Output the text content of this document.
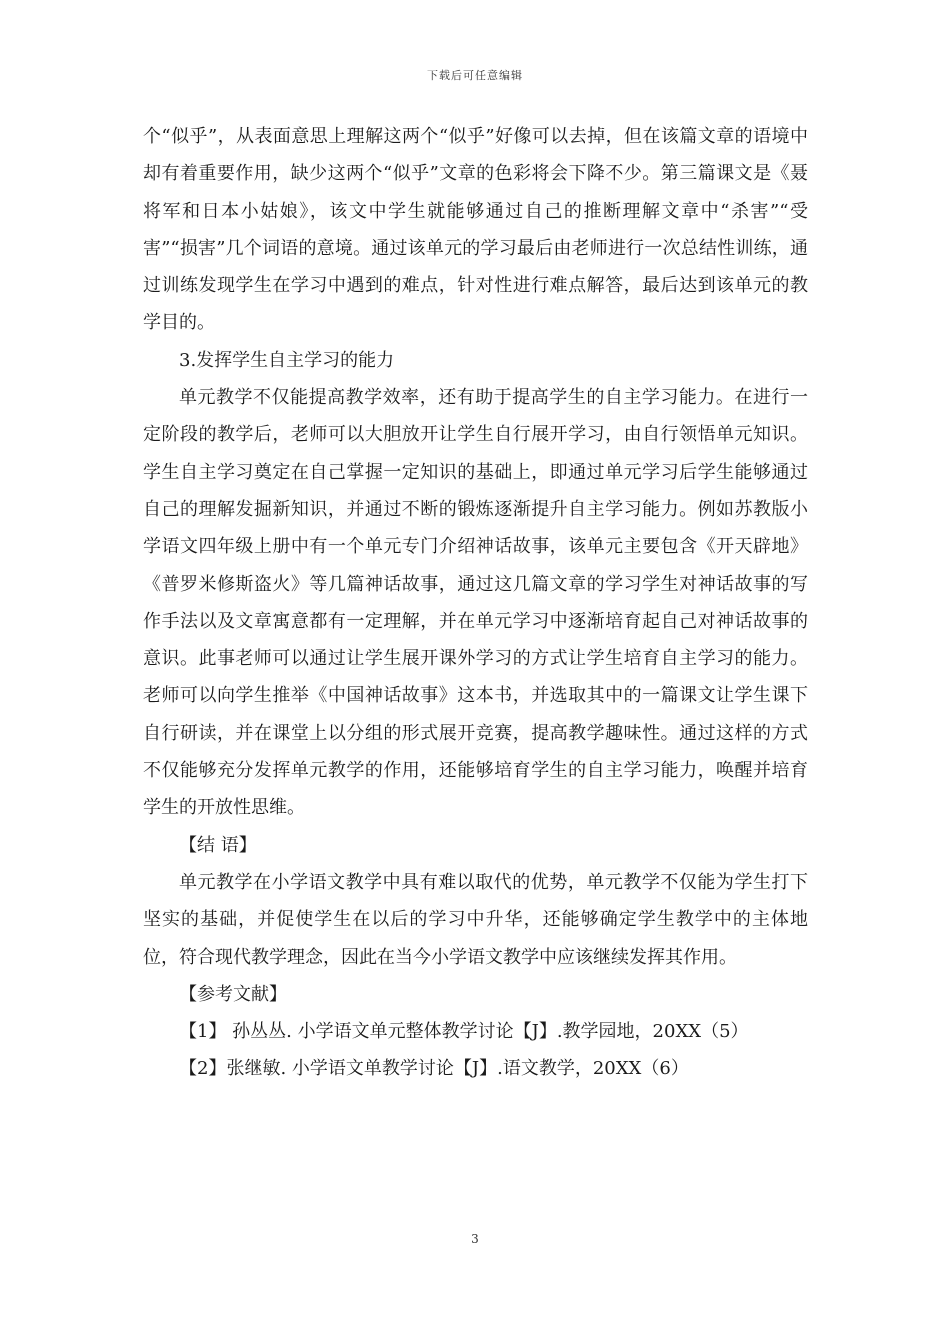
下载后可任意编辑

个“似乎”，从表面意思上理解这两个“似乎”好像可以去掉，但在该篇文章的语境中却有着重要作用，缺少这两个“似乎”文章的色彩将会下降不少。第三篇课文是《聂将军和日本小姑娘》，该文中学生就能够通过自己的推断理解文章中“杀害”“受害”“损害”几个词语的意境。通过该单元的学习最后由老师进行一次总结性训练，通过训练发现学生在学习中遇到的难点，针对性进行难点解答，最后达到该单元的教学目的。

3.发挥学生自主学习的能力

单元教学不仅能提高教学效率，还有助于提高学生的自主学习能力。在进行一定阶段的教学后，老师可以大胆放开让学生自行展开学习，由自行领悟单元知识。学生自主学习奠定在自己掌握一定知识的基础上，即通过单元学习后学生能够通过自己的理解发掘新知识，并通过不断的锻炼逐渐提升自主学习能力。例如苏教版小学语文四年级上册中有一个单元专门介绍神话故事，该单元主要包含《开天辟地》《普罗米修斯盗火》等几篇神话故事，通过这几篇文章的学习学生对神话故事的写作手法以及文章寓意都有一定理解，并在单元学习中逐渐培育起自己对神话故事的意识。此事老师可以通过让学生展开课外学习的方式让学生培育自主学习的能力。老师可以向学生推举《中国神话故事》这本书，并选取其中的一篇课文让学生课下自行研读，并在课堂上以分组的形式展开竞赛，提高教学趣味性。通过这样的方式不仅能够充分发挥单元教学的作用，还能够培育学生的自主学习能力，唤醒并培育学生的开放性思维。

【结 语】

单元教学在小学语文教学中具有难以取代的优势，单元教学不仅能为学生打下坚实的基础，并促使学生在以后的学习中升华，还能够确定学生教学中的主体地位，符合现代教学理念，因此在当今小学语文教学中应该继续发挥其作用。

【参考文献】

【1】 孙丛丛. 小学语文单元整体教学讨论【J】.教学园地，20XX（5）

【2】张继敏. 小学语文单教学讨论【J】.语文教学，20XX（6）

3
